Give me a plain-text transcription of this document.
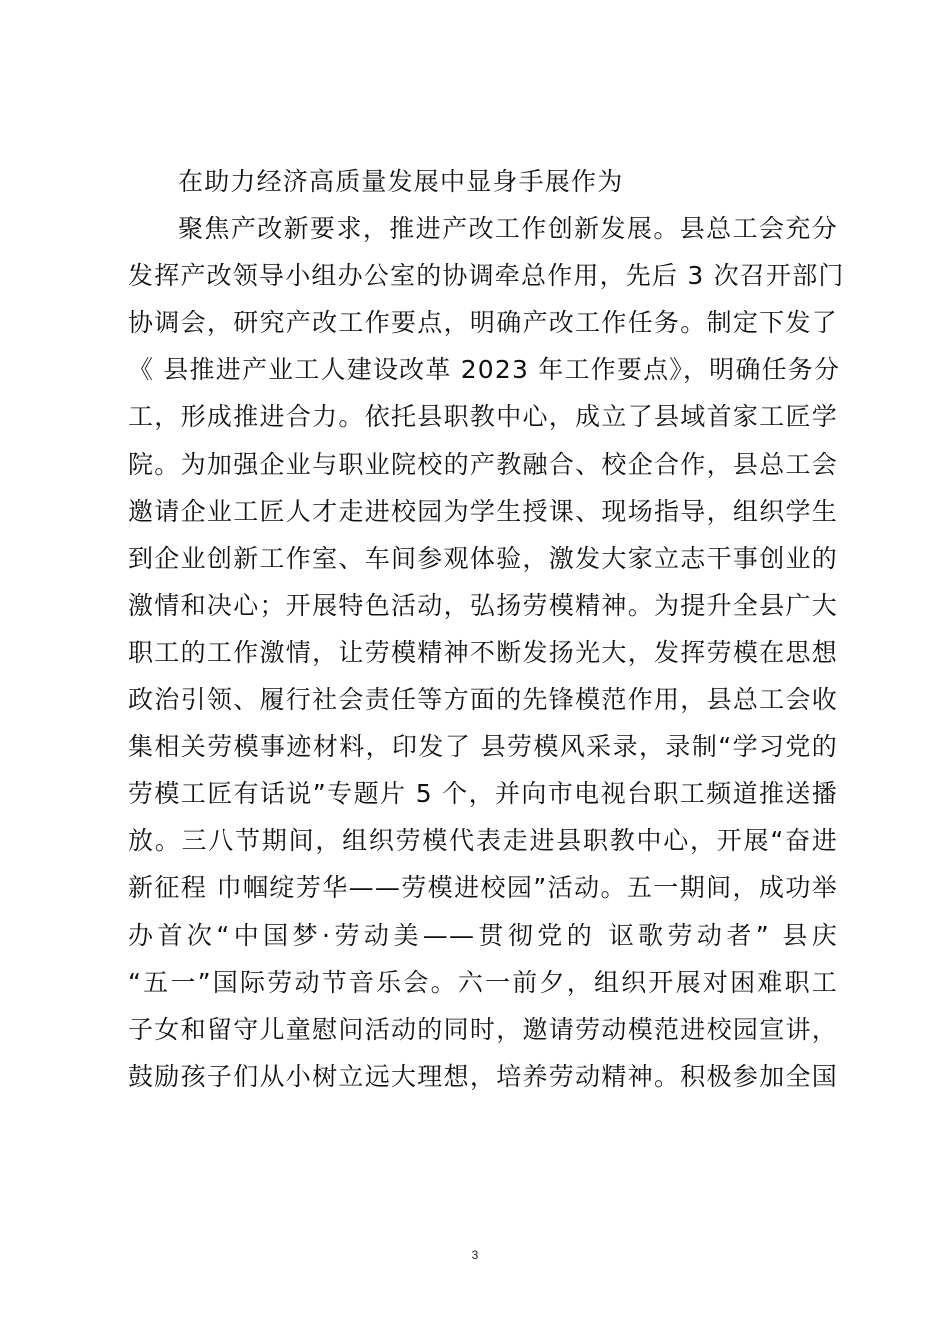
在助力经济高质量发展中显身手展作为
聚焦产改新要求，推进产改工作创新发展。县总工会充分
发挥产改领导小组办公室的协调牵总作用，先后 3 次召开部门
协调会，研究产改工作要点，明确产改工作任务。制定下发了
《 县推进产业工人建设改革 2023 年工作要点》，明确任务分
工，形成推进合力。依托县职教中心，成立了县域首家工匠学
院。为加强企业与职业院校的产教融合、校企合作，县总工会
邀请企业工匠人才走进校园为学生授课、现场指导，组织学生
到企业创新工作室、车间参观体验，激发大家立志干事创业的
激情和决心；开展特色活动，弘扬劳模精神。为提升全县广大
职工的工作激情，让劳模精神不断发扬光大，发挥劳模在思想
政治引领、履行社会责任等方面的先锋模范作用，县总工会收
集相关劳模事迹材料，印发了 县劳模风采录，录制“学习党的
劳模工匠有话说”专题片 5 个，并向市电视台职工频道推送播
放。三八节期间，组织劳模代表走进县职教中心，开展“奋进
新征程 巾帼绽芳华——劳模进校园”活动。五一期间，成功举
办首次“中国梦·劳动美——贯彻党的 讴歌劳动者” 县庆
“五一”国际劳动节音乐会。六一前夕，组织开展对困难职工
子女和留守儿童慰问活动的同时，邀请劳动模范进校园宣讲，
鼓励孩子们从小树立远大理想，培养劳动精神。积极参加全国
3
